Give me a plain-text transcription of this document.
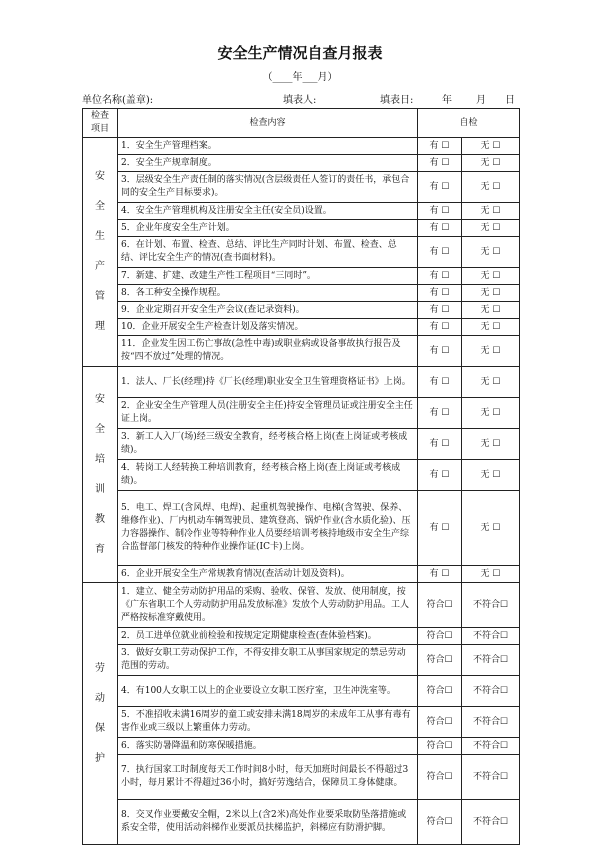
安全生产情况自查月报表
（____年___月）
单位名称(盖章):	填表人:	填表日:	年 月 日
检查项目	检查内容	自检	
安全生产管理	1．安全生产管理档案。	有 ☐	无 ☐
	2．安全生产规章制度。	有 ☐	无 ☐
	3．层级安全生产责任制的落实情况(含层级责任人签订的责任书，承包合同的安全生产目标要求)。	有 ☐	无 ☐
	4．安全生产管理机构及注册安全主任(安全员)设置。	有 ☐	无 ☐
	5．企业年度安全生产计划。	有 ☐	无 ☐
	6．在计划、布置、检查、总结、评比生产同时计划、布置、检查、总结、评比安全生产的情况(查书面材料)。	有 ☐	无 ☐
	7．新建、扩建、改建生产性工程项目“三同时”。	有 ☐	无 ☐
	8．各工种安全操作规程。	有 ☐	无 ☐
	9．企业定期召开安全生产会议(查记录资料)。	有 ☐	无 ☐
	10．企业开展安全生产检查计划及落实情况。	有 ☐	无 ☐
	11．企业发生因工伤亡事故(急性中毒)或职业病或设备事故执行报告及按“四不放过”处理的情况。	有 ☐	无 ☐
安全培训教育	1．法人、厂长(经理)持《厂长(经理)职业安全卫生管理资格证书》上岗。	有 ☐	无 ☐
	2．企业安全生产管理人员(注册安全主任)持安全管理员证或注册安全主任证上岗。	有 ☐	无 ☐
	3．新工人入厂(场)经三级安全教育，经考核合格上岗(查上岗证或考核成绩)。	有 ☐	无 ☐
	4．转岗工人经转换工种培训教育，经考核合格上岗(查上岗证或考核成绩)。	有 ☐	无 ☐
	5．电工、焊工(含风焊、电焊)、起重机驾驶操作、电梯(含驾驶、保养、维修作业)、厂内机动车辆驾驶员、建筑登高、锅炉作业(含水质化验)、压力容器操作、制冷作业等特种作业人员要经培训考核持地级市安全生产综合监督部门核发的特种作业操作证(IC卡)上岗。	有 ☐	无 ☐
	6．企业开展安全生产常规教育情况(查活动计划及资料)。	有 ☐	无 ☐
劳动保护	1．建立、健全劳动防护用品的采购、验收、保管、发放、使用制度，按《广东省职工个人劳动防护用品发放标准》发放个人劳动防护用品。工人严格按标准穿戴使用。	符合☐	不符合☐
	2．员工进单位就业前检验和按规定定期健康检查(查体验档案)。	符合☐	不符合☐
	3．做好女职工劳动保护工作，不得安排女职工从事国家规定的禁忌劳动范围的劳动。	符合☐	不符合☐
	4．有100人女职工以上的企业要设立女职工医疗室，卫生冲洗室等。	符合☐	不符合☐
	5．不准招收未满16周岁的童工或安排未满18周岁的未成年工从事有毒有害作业或三级以上繁重体力劳动。	符合☐	不符合☐
	6．落实防暑降温和防寒保暖措施。	符合☐	不符合☐
	7．执行国家工时制度每天工作时间8小时，每天加班时间最长不得超过3小时，每月累计不得超过36小时，搞好劳逸结合，保障员工身体健康。	符合☐	不符合☐
	8．交叉作业要戴安全帽，2米以上(含2米)高处作业要采取防坠落措施或系安全带，使用活动斜梯作业要派员扶梯监护，斜梯应有防滑护脚。	符合☐	不符合☐
